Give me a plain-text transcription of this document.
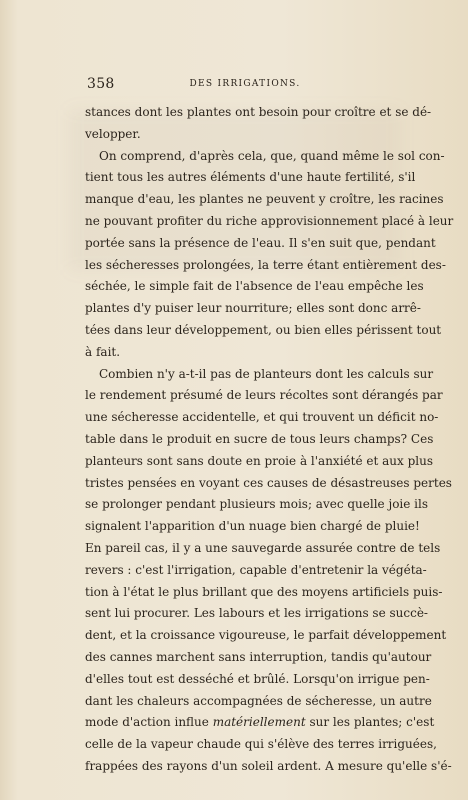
358	DES IRRIGATIONS.
stances dont les plantes ont besoin pour croître et se dé-
velopper.
On comprend, d'après cela, que, quand même le sol con-
tient tous les autres éléments d'une haute fertilité, s'il
manque d'eau, les plantes ne peuvent y croître, les racines
ne pouvant profiter du riche approvisionnement placé à leur
portée sans la présence de l'eau. Il s'en suit que, pendant
les sécheresses prolongées, la terre étant entièrement des-
séchée, le simple fait de l'absence de l'eau empêche les
plantes d'y puiser leur nourriture; elles sont donc arrê-
tées dans leur développement, ou bien elles périssent tout
à fait.
Combien n'y a-t-il pas de planteurs dont les calculs sur
le rendement présumé de leurs récoltes sont dérangés par
une sécheresse accidentelle, et qui trouvent un déficit no-
table dans le produit en sucre de tous leurs champs? Ces
planteurs sont sans doute en proie à l'anxiété et aux plus
tristes pensées en voyant ces causes de désastreuses pertes
se prolonger pendant plusieurs mois; avec quelle joie ils
signalent l'apparition d'un nuage bien chargé de pluie!
En pareil cas, il y a une sauvegarde assurée contre de tels
revers : c'est l'irrigation, capable d'entretenir la végéta-
tion à l'état le plus brillant que des moyens artificiels puis-
sent lui procurer. Les labours et les irrigations se succè-
dent, et la croissance vigoureuse, le parfait développement
des cannes marchent sans interruption, tandis qu'autour
d'elles tout est desséché et brûlé. Lorsqu'on irrigue pen-
dant les chaleurs accompagnées de sécheresse, un autre
mode d'action influe matériellement sur les plantes; c'est
celle de la vapeur chaude qui s'élève des terres irriguées,
frappées des rayons d'un soleil ardent. A mesure qu'elle s'é-
